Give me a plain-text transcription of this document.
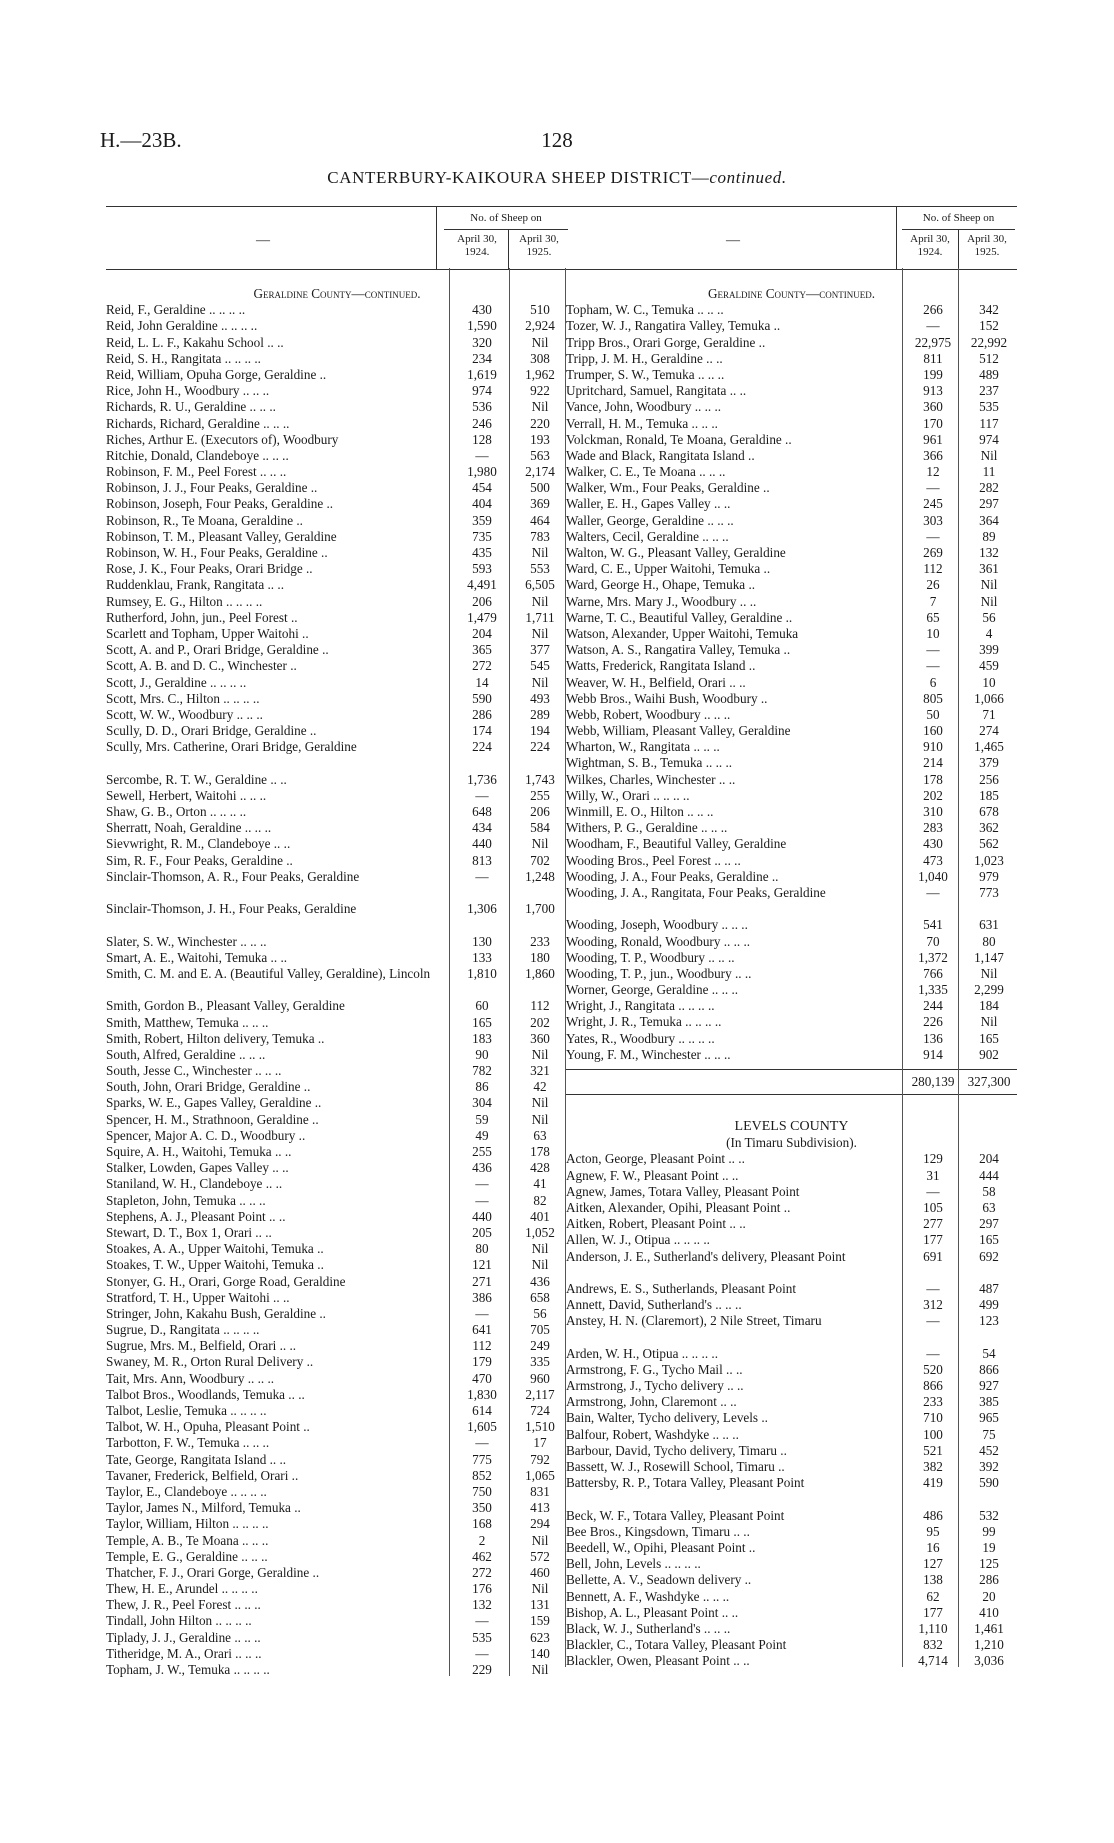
H.—23B.	128
CANTERBURY-KAIKOURA SHEEP DISTRICT—continued.
—
No. of Sheep on
April 30, 1924.
April 30, 1925.
Geraldine County—continued.
Reid, F., Geraldine .. .. .. ..	430	510
Reid, John Geraldine .. .. .. ..	1,590	2,924
Reid, L. L. F., Kakahu School .. ..	320	Nil
Reid, S. H., Rangitata .. .. .. ..	234	308
Reid, William, Opuha Gorge, Geraldine ..	1,619	1,962
Rice, John H., Woodbury .. .. ..	974	922
Richards, R. U., Geraldine .. .. ..	536	Nil
Richards, Richard, Geraldine .. .. ..	246	220
Riches, Arthur E. (Executors of), Woodbury	128	193
Ritchie, Donald, Clandeboye .. .. ..	—	563
Robinson, F. M., Peel Forest .. .. ..	1,980	2,174
Robinson, J. J., Four Peaks, Geraldine ..	454	500
Robinson, Joseph, Four Peaks, Geraldine ..	404	369
Robinson, R., Te Moana, Geraldine ..	359	464
Robinson, T. M., Pleasant Valley, Geraldine	735	783
Robinson, W. H., Four Peaks, Geraldine ..	435	Nil
Rose, J. K., Four Peaks, Orari Bridge ..	593	553
Ruddenklau, Frank, Rangitata .. ..	4,491	6,505
Rumsey, E. G., Hilton .. .. .. ..	206	Nil
Rutherford, John, jun., Peel Forest ..	1,479	1,711
Scarlett and Topham, Upper Waitohi ..	204	Nil
Scott, A. and P., Orari Bridge, Geraldine ..	365	377
Scott, A. B. and D. C., Winchester ..	272	545
Scott, J., Geraldine .. .. .. ..	14	Nil
Scott, Mrs. C., Hilton .. .. .. ..	590	493
Scott, W. W., Woodbury .. .. ..	286	289
Scully, D. D., Orari Bridge, Geraldine ..	174	194
Scully, Mrs. Catherine, Orari Bridge, Geraldine	224	224
Sercombe, R. T. W., Geraldine .. ..	1,736	1,743
Sewell, Herbert, Waitohi .. .. ..	—	255
Shaw, G. B., Orton .. .. .. ..	648	206
Sherratt, Noah, Geraldine .. .. ..	434	584
Sievwright, R. M., Clandeboye .. ..	440	Nil
Sim, R. F., Four Peaks, Geraldine ..	813	702
Sinclair-Thomson, A. R., Four Peaks, Geraldine	—	1,248
Sinclair-Thomson, J. H., Four Peaks, Geraldine	1,306	1,700
Slater, S. W., Winchester .. .. ..	130	233
Smart, A. E., Waitohi, Temuka .. ..	133	180
Smith, C. M. and E. A. (Beautiful Valley, Geraldine), Lincoln	1,810	1,860
Smith, Gordon B., Pleasant Valley, Geraldine	60	112
Smith, Matthew, Temuka .. .. ..	165	202
Smith, Robert, Hilton delivery, Temuka ..	183	360
South, Alfred, Geraldine .. .. ..	90	Nil
South, Jesse C., Winchester .. .. ..	782	321
South, John, Orari Bridge, Geraldine ..	86	42
Sparks, W. E., Gapes Valley, Geraldine ..	304	Nil
Spencer, H. M., Strathnoon, Geraldine ..	59	Nil
Spencer, Major A. C. D., Woodbury ..	49	63
Squire, A. H., Waitohi, Temuka .. ..	255	178
Stalker, Lowden, Gapes Valley .. ..	436	428
Staniland, W. H., Clandeboye .. ..	—	41
Stapleton, John, Temuka .. .. ..	—	82
Stephens, A. J., Pleasant Point .. ..	440	401
Stewart, D. T., Box 1, Orari .. ..	205	1,052
Stoakes, A. A., Upper Waitohi, Temuka ..	80	Nil
Stoakes, T. W., Upper Waitohi, Temuka ..	121	Nil
Stonyer, G. H., Orari, Gorge Road, Geraldine	271	436
Stratford, T. H., Upper Waitohi .. ..	386	658
Stringer, John, Kakahu Bush, Geraldine ..	—	56
Sugrue, D., Rangitata .. .. .. ..	641	705
Sugrue, Mrs. M., Belfield, Orari .. ..	112	249
Swaney, M. R., Orton Rural Delivery ..	179	335
Tait, Mrs. Ann, Woodbury .. .. ..	470	960
Talbot Bros., Woodlands, Temuka .. ..	1,830	2,117
Talbot, Leslie, Temuka .. .. .. ..	614	724
Talbot, W. H., Opuha, Pleasant Point ..	1,605	1,510
Tarbotton, F. W., Temuka .. .. ..	—	17
Tate, George, Rangitata Island .. ..	775	792
Tavaner, Frederick, Belfield, Orari ..	852	1,065
Taylor, E., Clandeboye .. .. .. ..	750	831
Taylor, James N., Milford, Temuka ..	350	413
Taylor, William, Hilton .. .. .. ..	168	294
Temple, A. B., Te Moana .. .. ..	2	Nil
Temple, E. G., Geraldine .. .. ..	462	572
Thatcher, F. J., Orari Gorge, Geraldine ..	272	460
Thew, H. E., Arundel .. .. .. ..	176	Nil
Thew, J. R., Peel Forest .. .. ..	132	131
Tindall, John Hilton .. .. .. ..	—	159
Tiplady, J. J., Geraldine .. .. ..	535	623
Titheridge, M. A., Orari .. .. ..	—	140
Topham, J. W., Temuka .. .. .. ..	229	Nil
—
No. of Sheep on
April 30, 1924.
April 30, 1925.
Geraldine County—continued.
Topham, W. C., Temuka .. .. ..	266	342
Tozer, W. J., Rangatira Valley, Temuka ..	—	152
Tripp Bros., Orari Gorge, Geraldine ..	22,975	22,992
Tripp, J. M. H., Geraldine .. ..	811	512
Trumper, S. W., Temuka .. .. ..	199	489
Upritchard, Samuel, Rangitata .. ..	913	237
Vance, John, Woodbury .. .. ..	360	535
Verrall, H. M., Temuka .. .. ..	170	117
Volckman, Ronald, Te Moana, Geraldine ..	961	974
Wade and Black, Rangitata Island ..	366	Nil
Walker, C. E., Te Moana .. .. ..	12	11
Walker, Wm., Four Peaks, Geraldine ..	—	282
Waller, E. H., Gapes Valley .. ..	245	297
Waller, George, Geraldine .. .. ..	303	364
Walters, Cecil, Geraldine .. .. ..	—	89
Walton, W. G., Pleasant Valley, Geraldine	269	132
Ward, C. E., Upper Waitohi, Temuka ..	112	361
Ward, George H., Ohape, Temuka ..	26	Nil
Warne, Mrs. Mary J., Woodbury .. ..	7	Nil
Warne, T. C., Beautiful Valley, Geraldine ..	65	56
Watson, Alexander, Upper Waitohi, Temuka	10	4
Watson, A. S., Rangatira Valley, Temuka ..	—	399
Watts, Frederick, Rangitata Island ..	—	459
Weaver, W. H., Belfield, Orari .. ..	6	10
Webb Bros., Waihi Bush, Woodbury ..	805	1,066
Webb, Robert, Woodbury .. .. ..	50	71
Webb, William, Pleasant Valley, Geraldine	160	274
Wharton, W., Rangitata .. .. ..	910	1,465
Wightman, S. B., Temuka .. .. ..	214	379
Wilkes, Charles, Winchester .. ..	178	256
Willy, W., Orari .. .. .. ..	202	185
Winmill, E. O., Hilton .. .. ..	310	678
Withers, P. G., Geraldine .. .. ..	283	362
Woodham, F., Beautiful Valley, Geraldine	430	562
Wooding Bros., Peel Forest .. .. ..	473	1,023
Wooding, J. A., Four Peaks, Geraldine ..	1,040	979
Wooding, J. A., Rangitata, Four Peaks, Geraldine	—	773
Wooding, Joseph, Woodbury .. .. ..	541	631
Wooding, Ronald, Woodbury .. .. ..	70	80
Wooding, T. P., Woodbury .. .. ..	1,372	1,147
Wooding, T. P., jun., Woodbury .. ..	766	Nil
Worner, George, Geraldine .. .. ..	1,335	2,299
Wright, J., Rangitata .. .. .. ..	244	184
Wright, J. R., Temuka .. .. .. ..	226	Nil
Yates, R., Woodbury .. .. .. ..	136	165
Young, F. M., Winchester .. .. ..	914	902
280,139 327,300
LEVELS COUNTY
(In Timaru Subdivision).
Acton, George, Pleasant Point .. ..	129	204
Agnew, F. W., Pleasant Point .. ..	31	444
Agnew, James, Totara Valley, Pleasant Point	—	58
Aitken, Alexander, Opihi, Pleasant Point ..	105	63
Aitken, Robert, Pleasant Point .. ..	277	297
Allen, W. J., Otipua .. .. .. ..	177	165
Anderson, J. E., Sutherland's delivery, Pleasant Point	691	692
Andrews, E. S., Sutherlands, Pleasant Point	—	487
Annett, David, Sutherland's .. .. ..	312	499
Anstey, H. N. (Claremort), 2 Nile Street, Timaru	—	123
Arden, W. H., Otipua .. .. .. ..	—	54
Armstrong, F. G., Tycho Mail .. ..	520	866
Armstrong, J., Tycho delivery .. ..	866	927
Armstrong, John, Claremont .. ..	233	385
Bain, Walter, Tycho delivery, Levels ..	710	965
Balfour, Robert, Washdyke .. .. ..	100	75
Barbour, David, Tycho delivery, Timaru ..	521	452
Bassett, W. J., Rosewill School, Timaru ..	382	392
Battersby, R. P., Totara Valley, Pleasant Point	419	590
Beck, W. F., Totara Valley, Pleasant Point	486	532
Bee Bros., Kingsdown, Timaru .. ..	95	99
Beedell, W., Opihi, Pleasant Point ..	16	19
Bell, John, Levels .. .. .. ..	127	125
Bellette, A. V., Seadown delivery ..	138	286
Bennett, A. F., Washdyke .. .. ..	62	20
Bishop, A. L., Pleasant Point .. ..	177	410
Black, W. J., Sutherland's .. .. ..	1,110	1,461
Blackler, C., Totara Valley, Pleasant Point	832	1,210
Blackler, Owen, Pleasant Point .. ..	4,714	3,036
